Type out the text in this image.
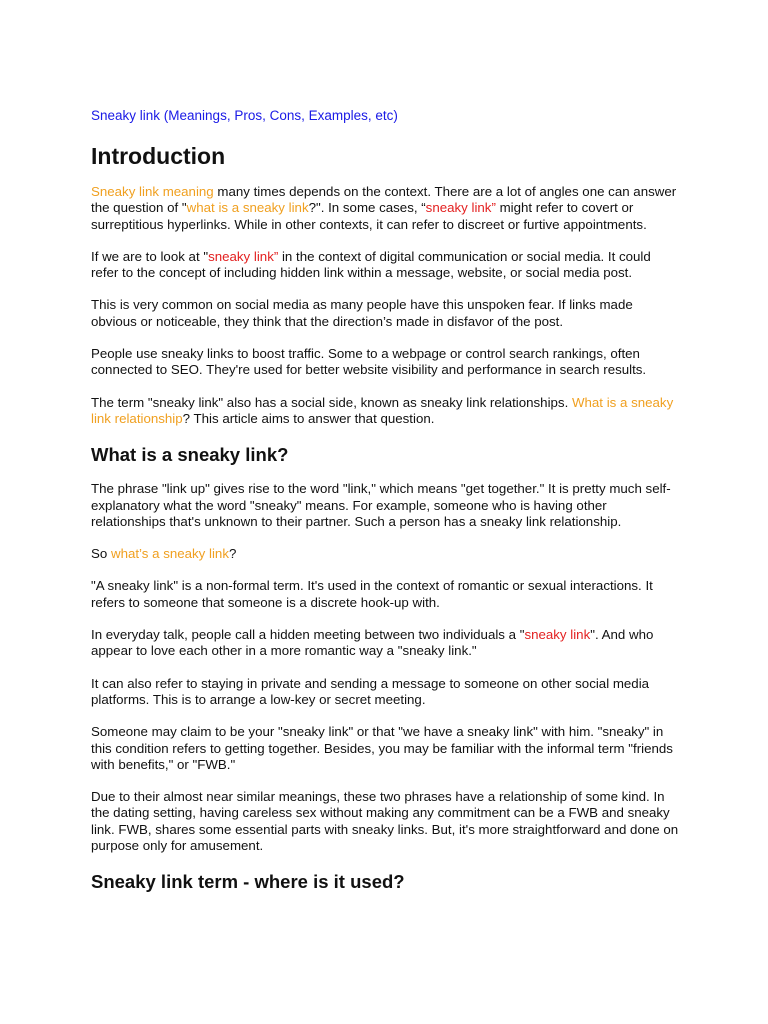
Sneaky link (Meanings, Pros, Cons, Examples, etc)
Introduction

Sneaky link meaning many times depends on the context. There are a lot of angles one can answer the question of "what is a sneaky link?". In some cases, “sneaky link” might refer to covert or surreptitious hyperlinks. While in other contexts, it can refer to discreet or furtive appointments.

If we are to look at "sneaky link” in the context of digital communication or social media. It could refer to the concept of including hidden link within a message, website, or social media post.

This is very common on social media as many people have this unspoken fear. If links made obvious or noticeable, they think that the direction’s made in disfavor of the post.

People use sneaky links to boost traffic. Some to a webpage or control search rankings, often connected to SEO. They're used for better website visibility and performance in search results.

The term "sneaky link" also has a social side, known as sneaky link relationships. What is a sneaky link relationship? This article aims to answer that question.

What is a sneaky link?

The phrase "link up" gives rise to the word "link," which means "get together." It is pretty much self-explanatory what the word "sneaky" means. For example, someone who is having other relationships that's unknown to their partner. Such a person has a sneaky link relationship.

So what’s a sneaky link?

"A sneaky link" is a non-formal term. It's used in the context of romantic or sexual interactions. It refers to someone that someone is a discrete hook-up with.

In everyday talk, people call a hidden meeting between two individuals a "sneaky link". And who appear to love each other in a more romantic way a "sneaky link."

It can also refer to staying in private and sending a message to someone on other social media platforms. This is to arrange a low-key or secret meeting.

Someone may claim to be your "sneaky link" or that "we have a sneaky link" with him. "sneaky" in this condition refers to getting together. Besides, you may be familiar with the informal term "friends with benefits," or "FWB."

Due to their almost near similar meanings, these two phrases have a relationship of some kind. In the dating setting, having careless sex without making any commitment can be a FWB and sneaky link. FWB, shares some essential parts with sneaky links. But, it's more straightforward and done on purpose only for amusement.

Sneaky link term - where is it used?
